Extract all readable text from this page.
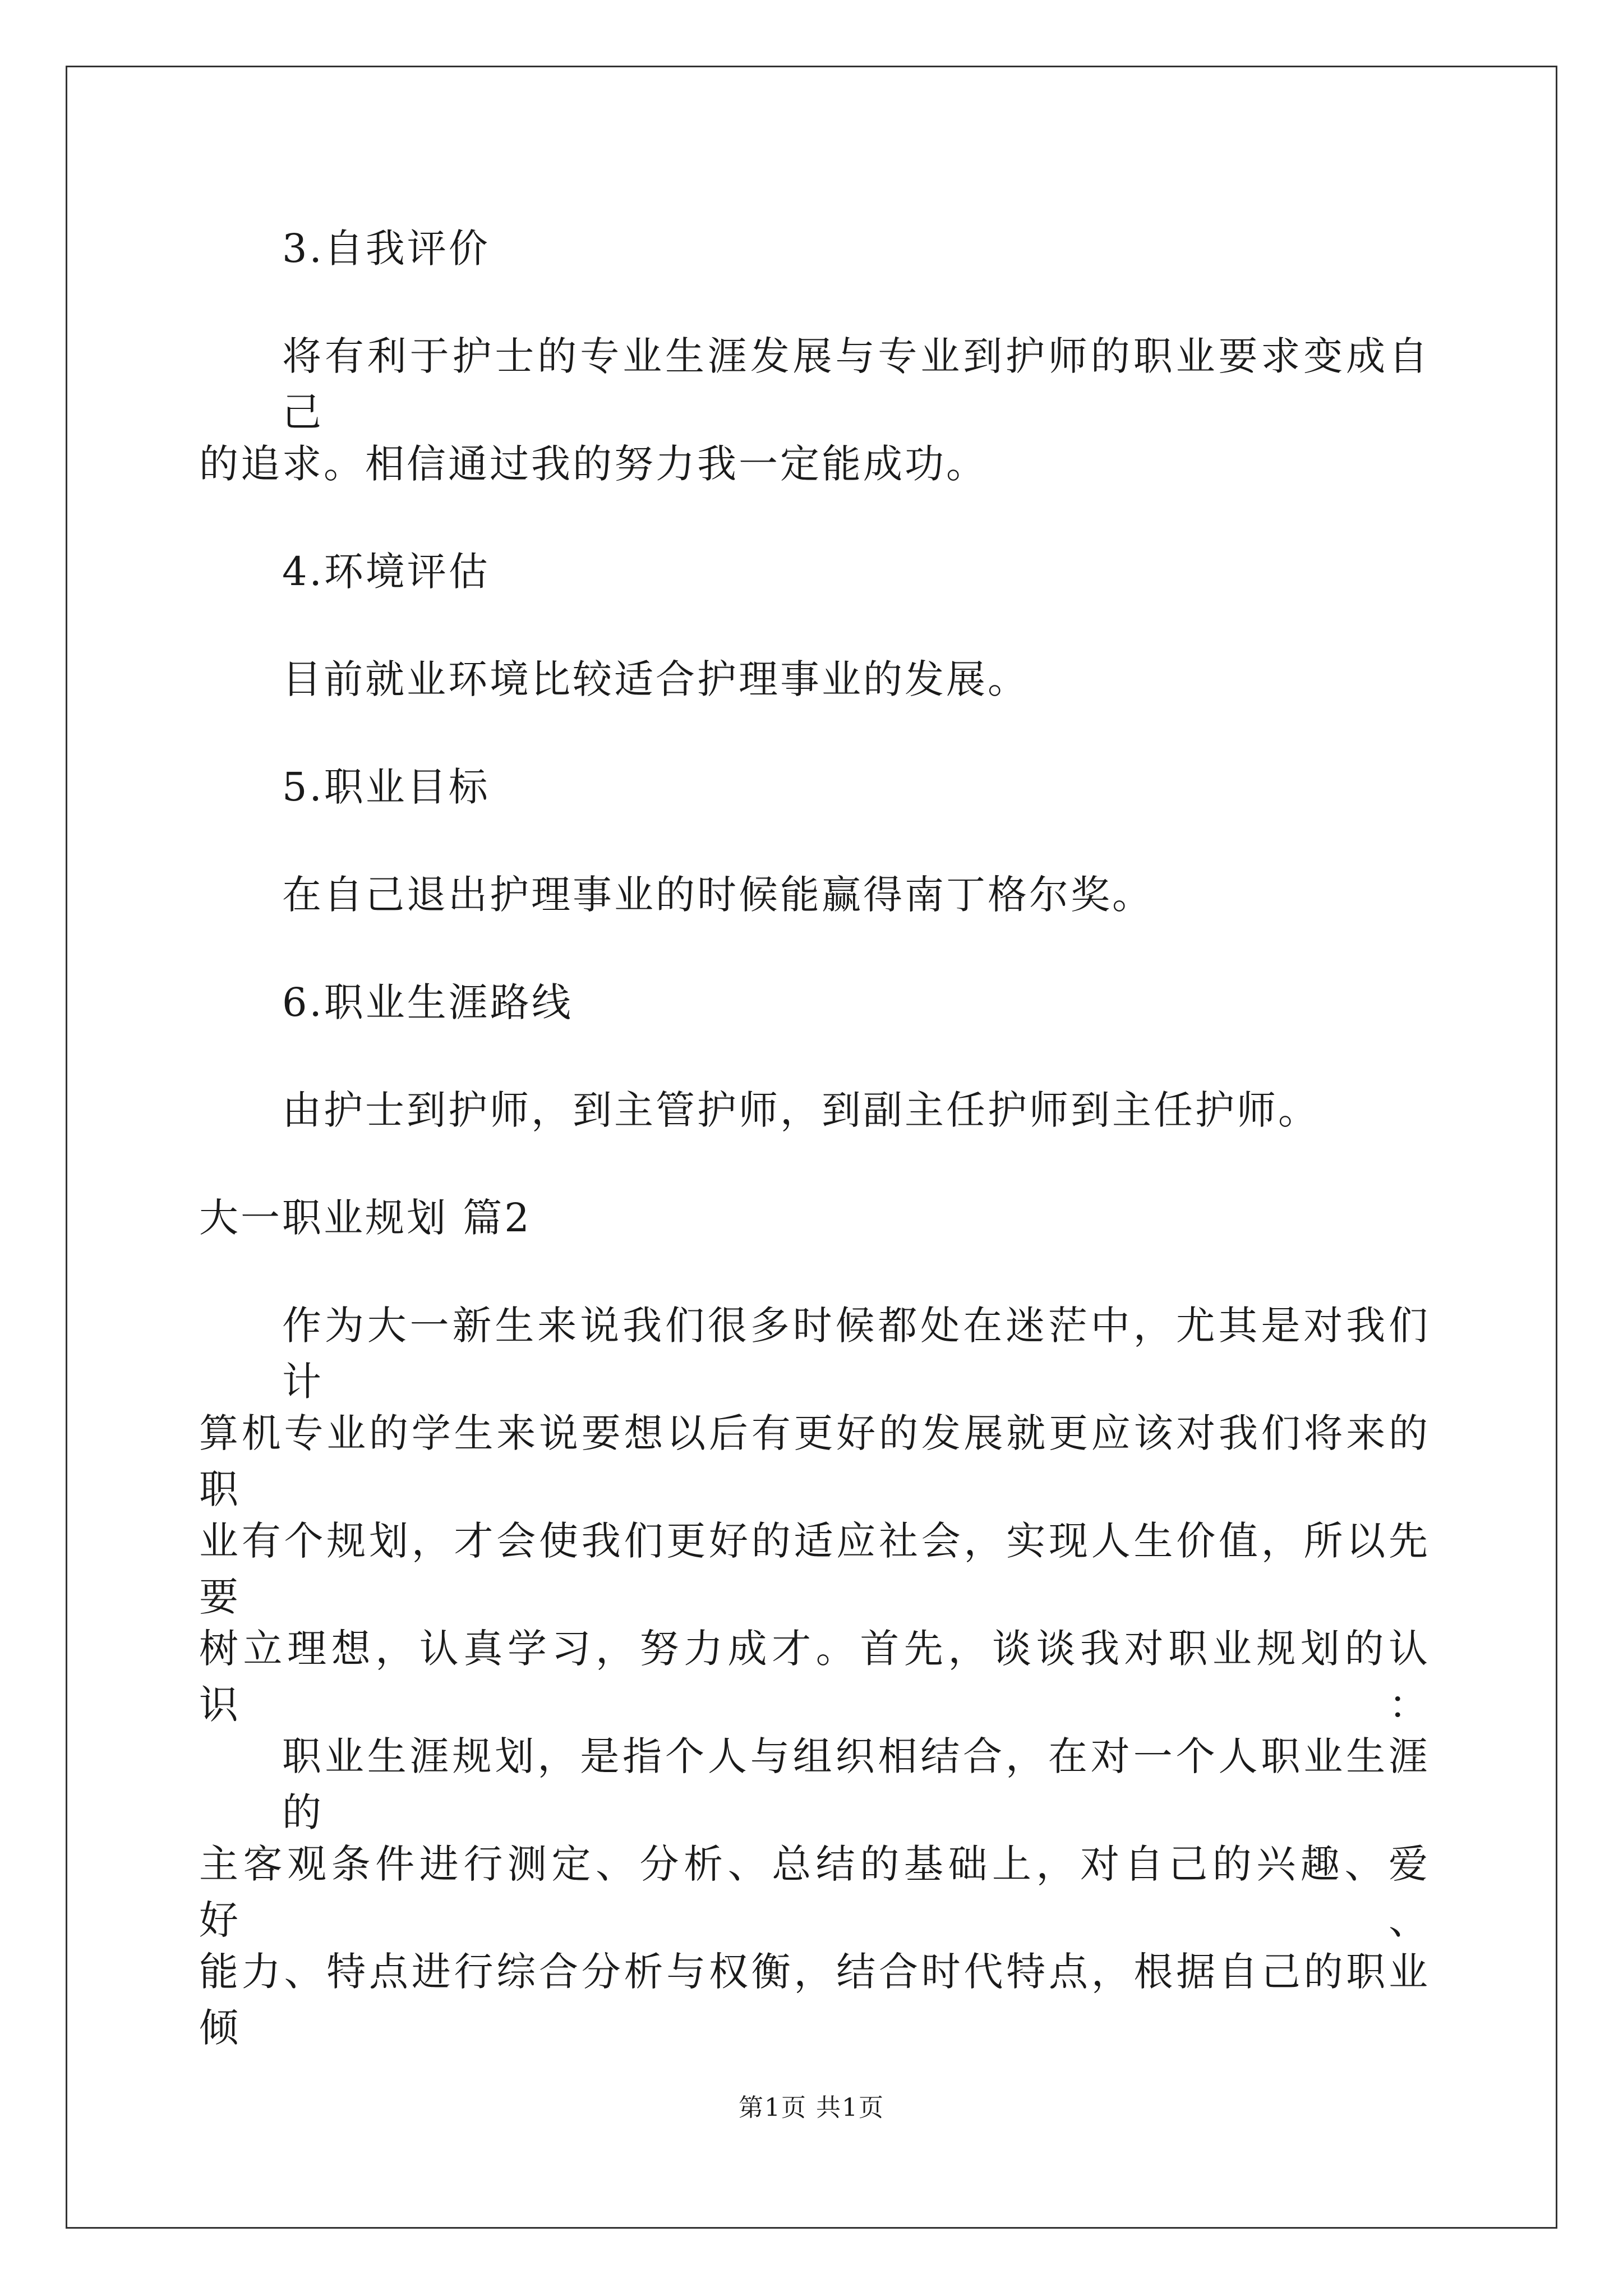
3.自我评价
将有利于护士的专业生涯发展与专业到护师的职业要求变成自己
的追求。相信通过我的努力我一定能成功。
4.环境评估
目前就业环境比较适合护理事业的发展。
5.职业目标
在自己退出护理事业的时候能赢得南丁格尔奖。
6.职业生涯路线
由护士到护师，到主管护师，到副主任护师到主任护师。
大一职业规划 篇2
作为大一新生来说我们很多时候都处在迷茫中，尤其是对我们计
算机专业的学生来说要想以后有更好的发展就更应该对我们将来的职
业有个规划，才会使我们更好的适应社会，实现人生价值，所以先要
树立理想，认真学习，努力成才。首先，谈谈我对职业规划的认识：
职业生涯规划，是指个人与组织相结合，在对一个人职业生涯的
主客观条件进行测定、分析、总结的基础上，对自己的兴趣、爱好、
能力、特点进行综合分析与权衡，结合时代特点，根据自己的职业倾
第1页 共1页
